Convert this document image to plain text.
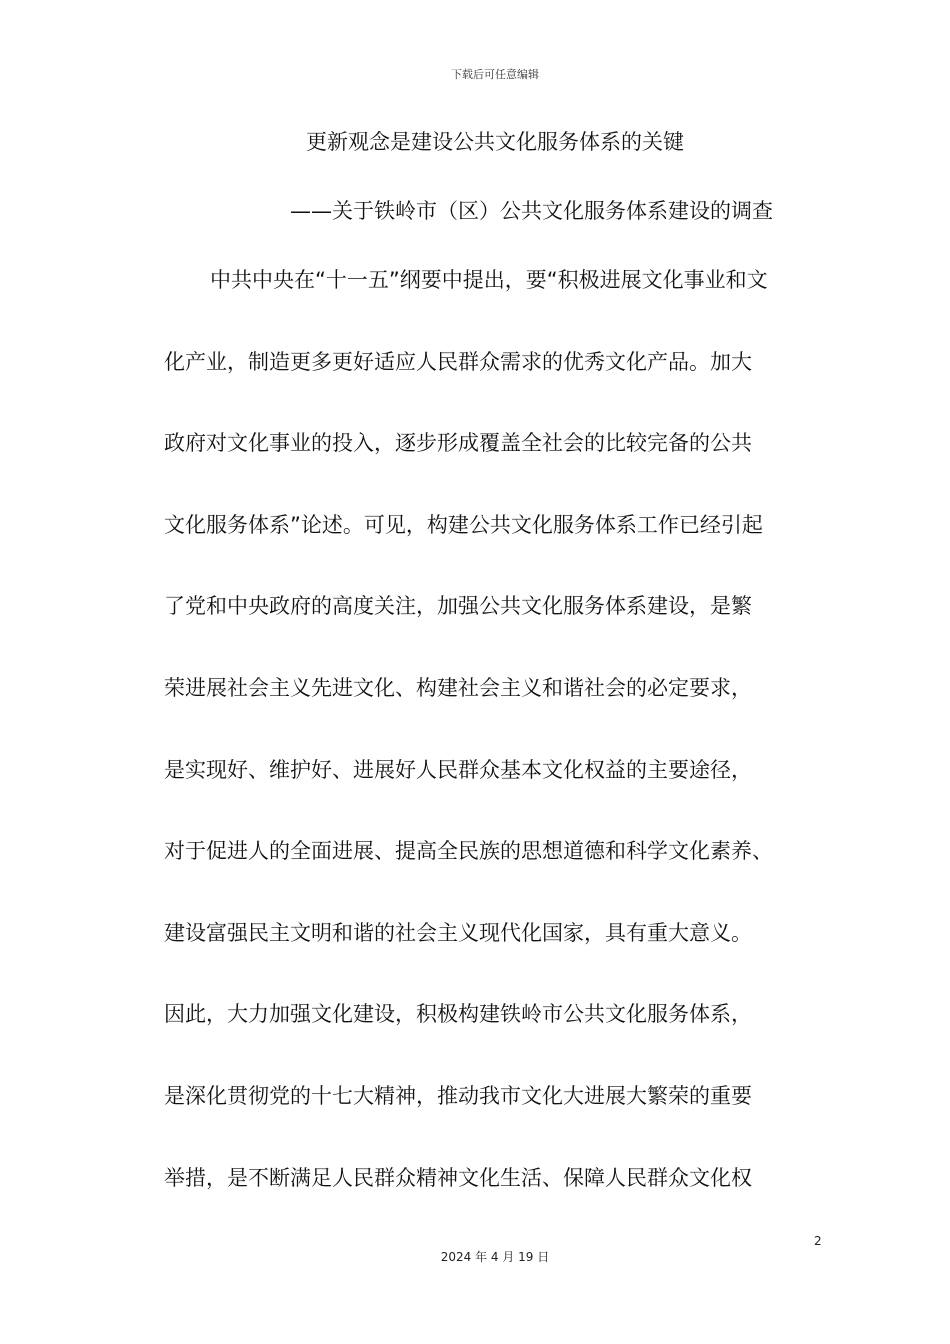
下载后可任意编辑
更新观念是建设公共文化服务体系的关键
——关于铁岭市（区）公共文化服务体系建设的调查
中共中央在“十一五”纲要中提出，要“积极进展文化事业和文
化产业，制造更多更好适应人民群众需求的优秀文化产品。加大
政府对文化事业的投入，逐步形成覆盖全社会的比较完备的公共
文化服务体系”论述。可见，构建公共文化服务体系工作已经引起
了党和中央政府的高度关注，加强公共文化服务体系建设，是繁
荣进展社会主义先进文化、构建社会主义和谐社会的必定要求，
是实现好、维护好、进展好人民群众基本文化权益的主要途径，
对于促进人的全面进展、提高全民族的思想道德和科学文化素养、
建设富强民主文明和谐的社会主义现代化国家，具有重大意义。
因此，大力加强文化建设，积极构建铁岭市公共文化服务体系，
是深化贯彻党的十七大精神，推动我市文化大进展大繁荣的重要
举措，是不断满足人民群众精神文化生活、保障人民群众文化权
2
2024 年 4 月 19 日
